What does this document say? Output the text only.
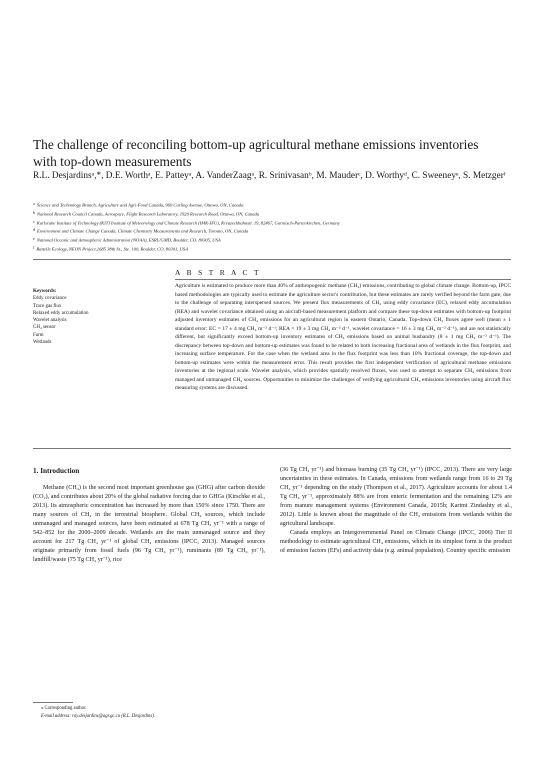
The challenge of reconciling bottom-up agricultural methane emissions inventories with top-down measurements
R.L. Desjardinsᵃ,*, D.E. Worthᵃ, E. Patteyᵃ, A. VanderZaagᵃ, R. Srinivasanᵇ, M. Mauderᶜ, D. Worthyᵈ, C. Sweeneyᵉ, S. Metzgerᶠ
a Science and Technology Branch, Agriculture and Agri-Food Canada, 960 Carling Avenue, Ottawa, ON, Canada
b National Research Council Canada, Aerospace, Flight Research Laboratory, 1920 Research Road, Ottawa, ON, Canada
c Karlsruhe Institute of Technology (KIT) Institute of Meteorology and Climate Research (IMK-IFU), Kreuzeckbahnstr. 19, 82467, Garmisch-Partenkirchen, Germany
d Environment and Climate Change Canada, Climate Chemistry Measurements and Research, Toronto, ON, Canada
e National Oceanic and Atmospheric Administration (NOAA), ESRL/GMD, Boulder, CO, 80305, USA
f Battelle Ecology, NEON Project,1685 38th St., Ste. 100, Boulder, CO, 80301, USA
A B S T R A C T
Keywords:
Eddy covariance
Trace gas flux
Relaxed eddy accumulation
Wavelet analysis
CH₄ sensor
Farm
Wetlands

Agriculture is estimated to produce more than 40% of anthropogenic methane (CH₄) emissions, contributing to global climate change. Bottom-up, IPCC based methodologies are typically used to estimate the agriculture sector's contribution, but these estimates are rarely verified beyond the farm gate, due to the challenge of separating interspersed sources. We present flux measurements of CH₄ using eddy covariance (EC), relaxed eddy accumulation (REA) and wavelet covariance obtained using an aircraft-based measurement platform and compare these top-down estimates with bottom-up footprint adjusted inventory estimates of CH₄ emissions for an agricultural region in eastern Ontario, Canada. Top-down CH₄ fluxes agree well (mean ± 1 standard error: EC = 17 ± 4 mg CH₄ m⁻² d⁻¹; REA = 19 ± 3 mg CH₄ m⁻² d⁻¹, wavelet covariance = 16 ± 3 mg CH₄ m⁻² d⁻¹), and are not statistically different, but significantly exceed bottom-up inventory estimates of CH₄ emissions based on animal husbandry (8 ± 1 mg CH₄ m⁻² d⁻¹). The discrepancy between top-down and bottom-up estimates was found to be related to both increasing fractional area of wetlands in the flux footprint, and increasing surface temperature. For the case when the wetland area in the flux footprint was less than 10% fractional coverage, the top-down and bottom-up estimates were within the measurement error. This result provides the first independent verification of agricultural methane emissions inventories at the regional scale. Wavelet analysis, which provides spatially resolved fluxes, was used to attempt to separate CH₄ emissions from managed and unmanaged CH₄ sources. Opportunities to minimize the challenges of verifying agricultural CH₄ emissions inventories using aircraft flux measuring systems are discussed.

1. Introduction

Methane (CH₄) is the second most important greenhouse gas (GHG) after carbon dioxide (CO₂), and contributes about 20% of the global radiative forcing due to GHGs (Kirschke et al., 2013). Its atmospheric concentration has increased by more than 150% since 1750. There are many sources of CH₄ in the terrestrial biosphere. Global CH₄ sources, which include unmanaged and managed sources, have been estimated at 678 Tg CH₄ yr⁻¹ with a range of 542–852 for the 2000–2009 decade. Wetlands are the main unmanaged source and they account for 217 Tg CH₄ yr⁻¹ of global CH₄ emissions (IPCC, 2013). Managed sources originate primarily from fossil fuels (96 Tg CH₄ yr⁻¹), ruminants (89 Tg CH₄ yr⁻¹), landfill/waste (75 Tg CH₄ yr⁻¹), rice

(36 Tg CH₄ yr⁻¹) and biomass burning (35 Tg CH₄ yr⁻¹) (IPCC, 2013). There are very large uncertainties in these estimates. In Canada, emissions from wetlands range from 16 to 29 Tg CH₄ yr⁻¹ depending on the study (Thompson et al., 2017). Agriculture accounts for about 1.4 Tg CH₄ yr⁻¹, approximately 88% are from enteric fermentation and the remaining 12% are from manure management systems (Environment Canada, 2015b; Karimi Zindashty et al., 2012). Little is known about the magnitude of the CH₄ emissions from wetlands within the agricultural landscape.

Canada employs an Intergovernmental Panel on Climate Change (IPCC, 2006) Tier II methodology to estimate agricultural CH₄ emissions, which in its simplest form is the product of emission factors (EFs) and activity data (e.g. animal population). Country specific emission

⁎ Corresponding author.
E-mail address: ray.desjardins@agr.gc.ca (R.L. Desjardins).
